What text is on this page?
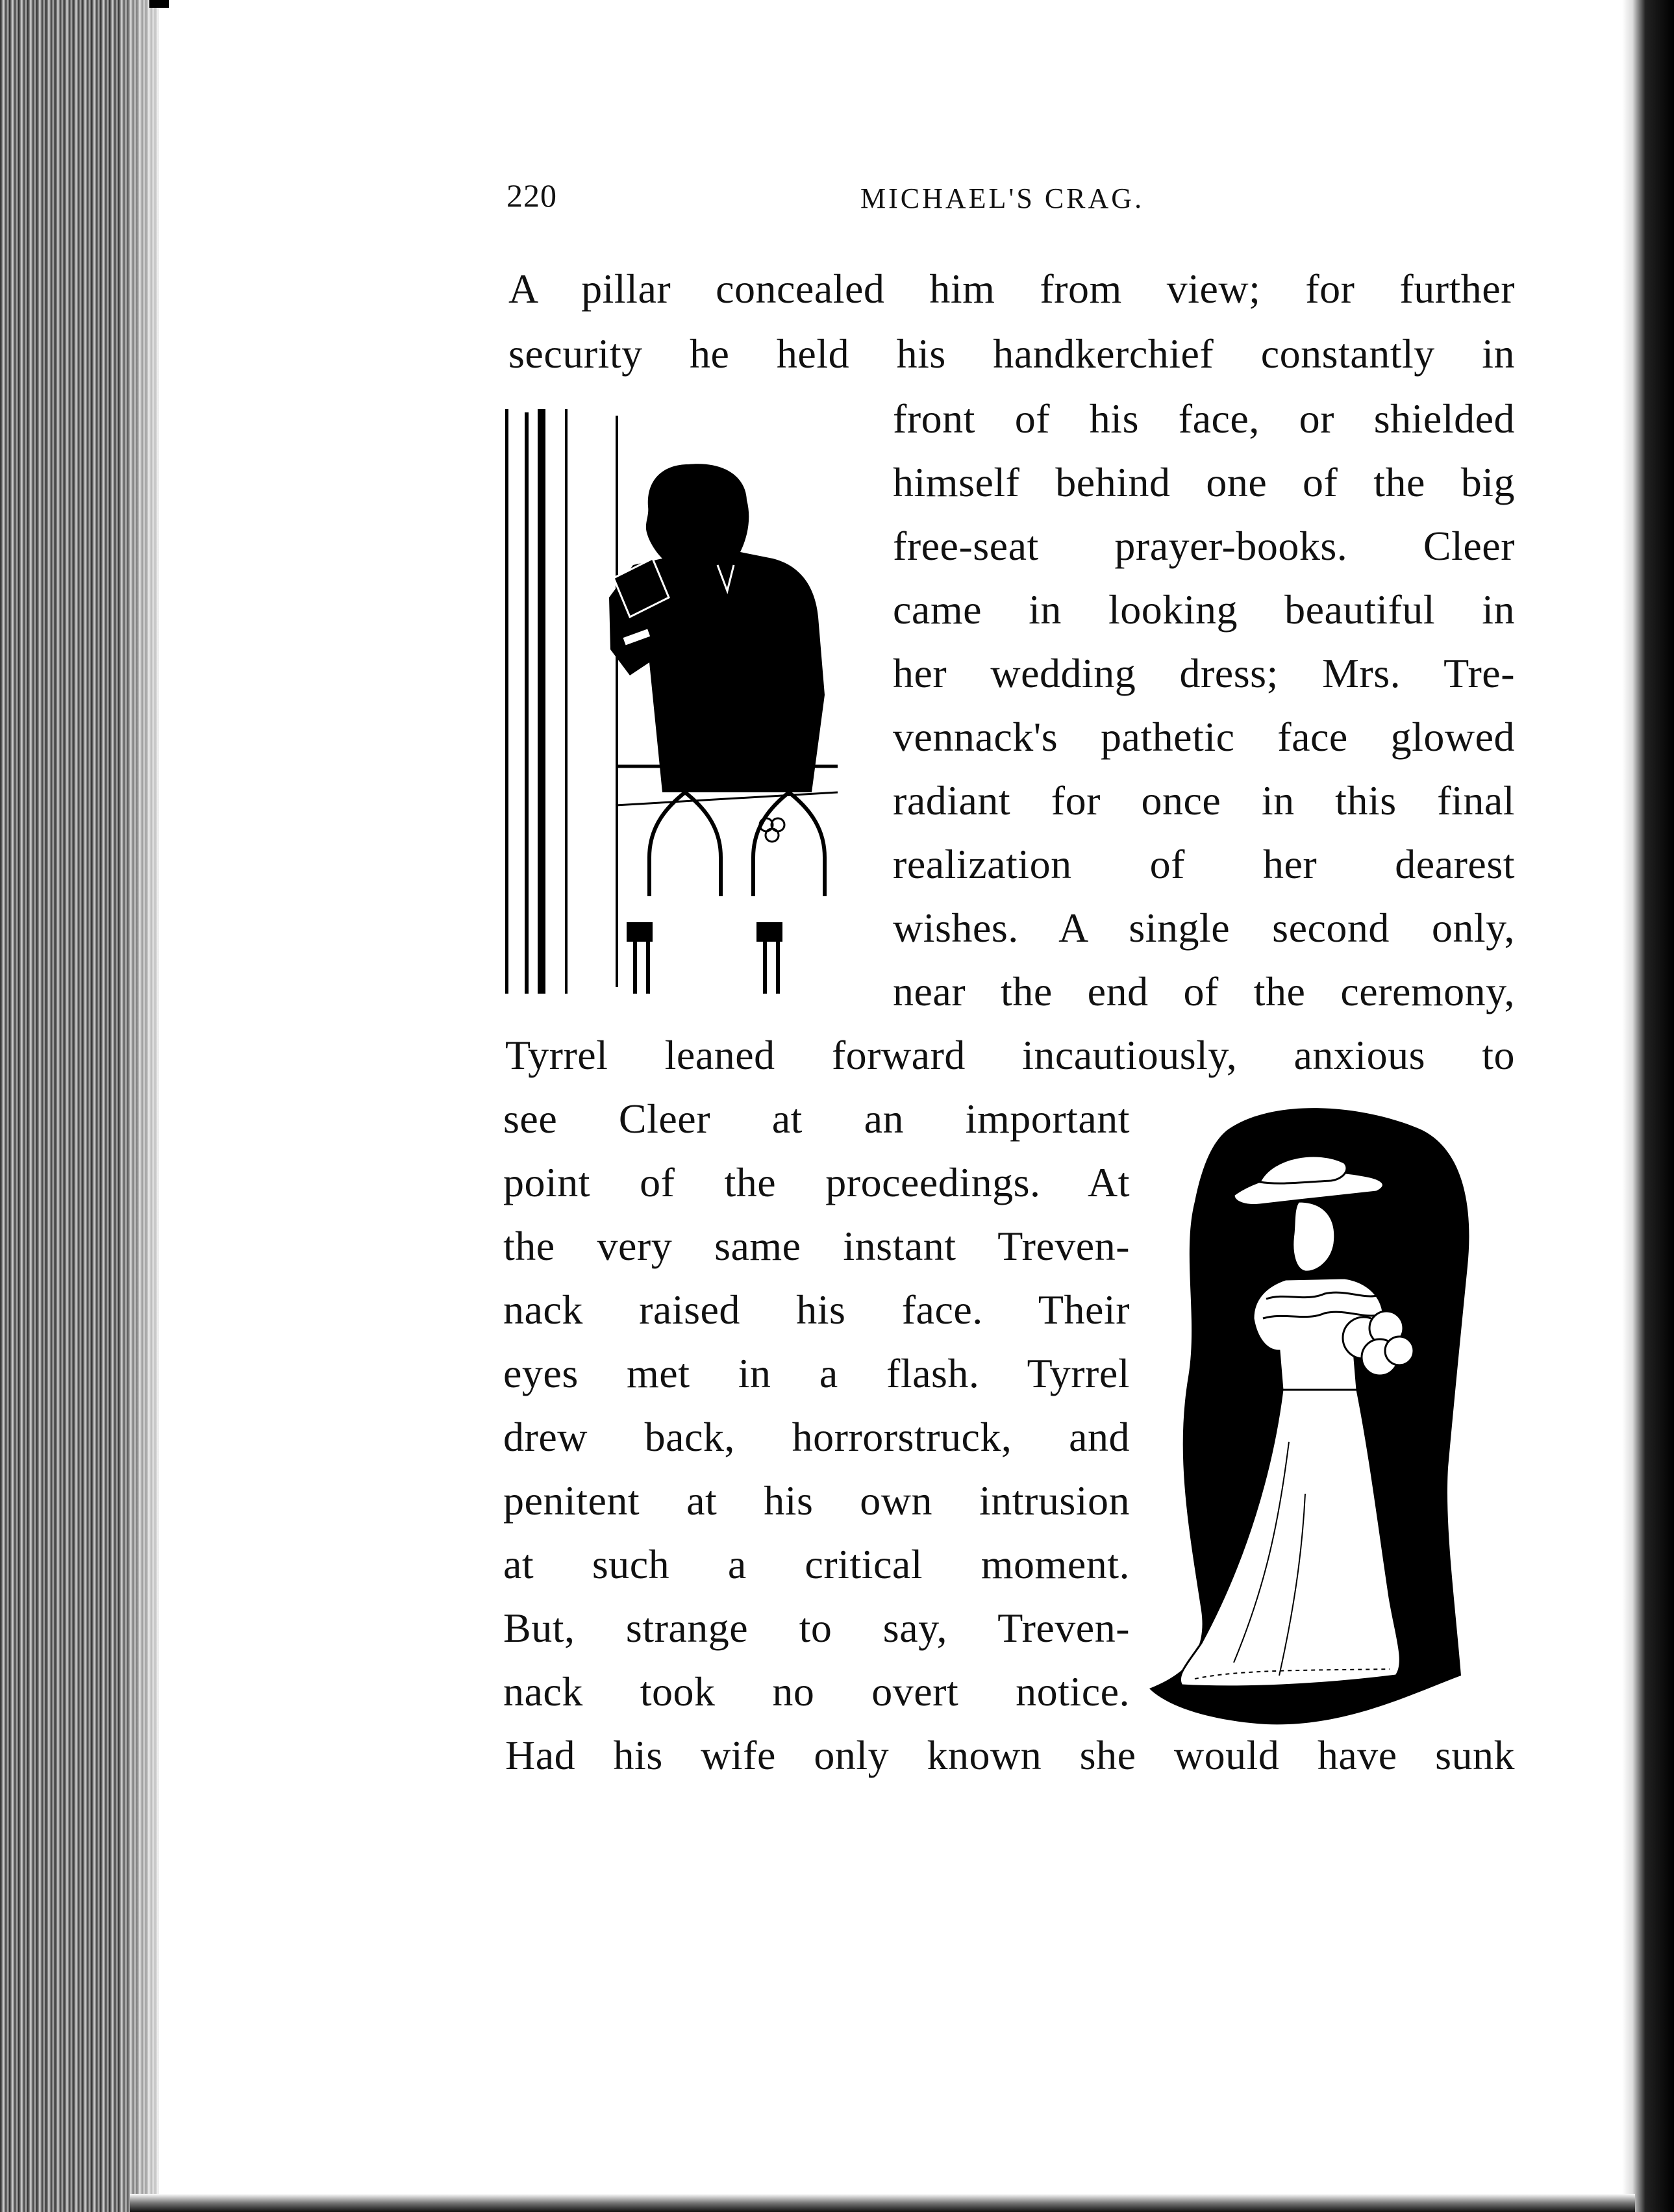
220	MICHAEL'S CRAG.
A pillar concealed him from view; for further
security he held his handkerchief constantly in
front of his face, or shielded
himself behind one of the big
free-seat prayer-books. Cleer
came in looking beautiful in
her wedding dress; Mrs. Tre-
vennack's pathetic face glowed
radiant for once in this final
realization of her dearest
wishes. A single second only,
near the end of the ceremony,
Tyrrel leaned forward incautiously, anxious to
see Cleer at an important
point of the proceedings. At
the very same instant Treven-
nack raised his face. Their
eyes met in a flash. Tyrrel
drew back, horrorstruck, and
penitent at his own intrusion
at such a critical moment.
But, strange to say, Treven-
nack took no overt notice.
Had his wife only known she would have sunk
